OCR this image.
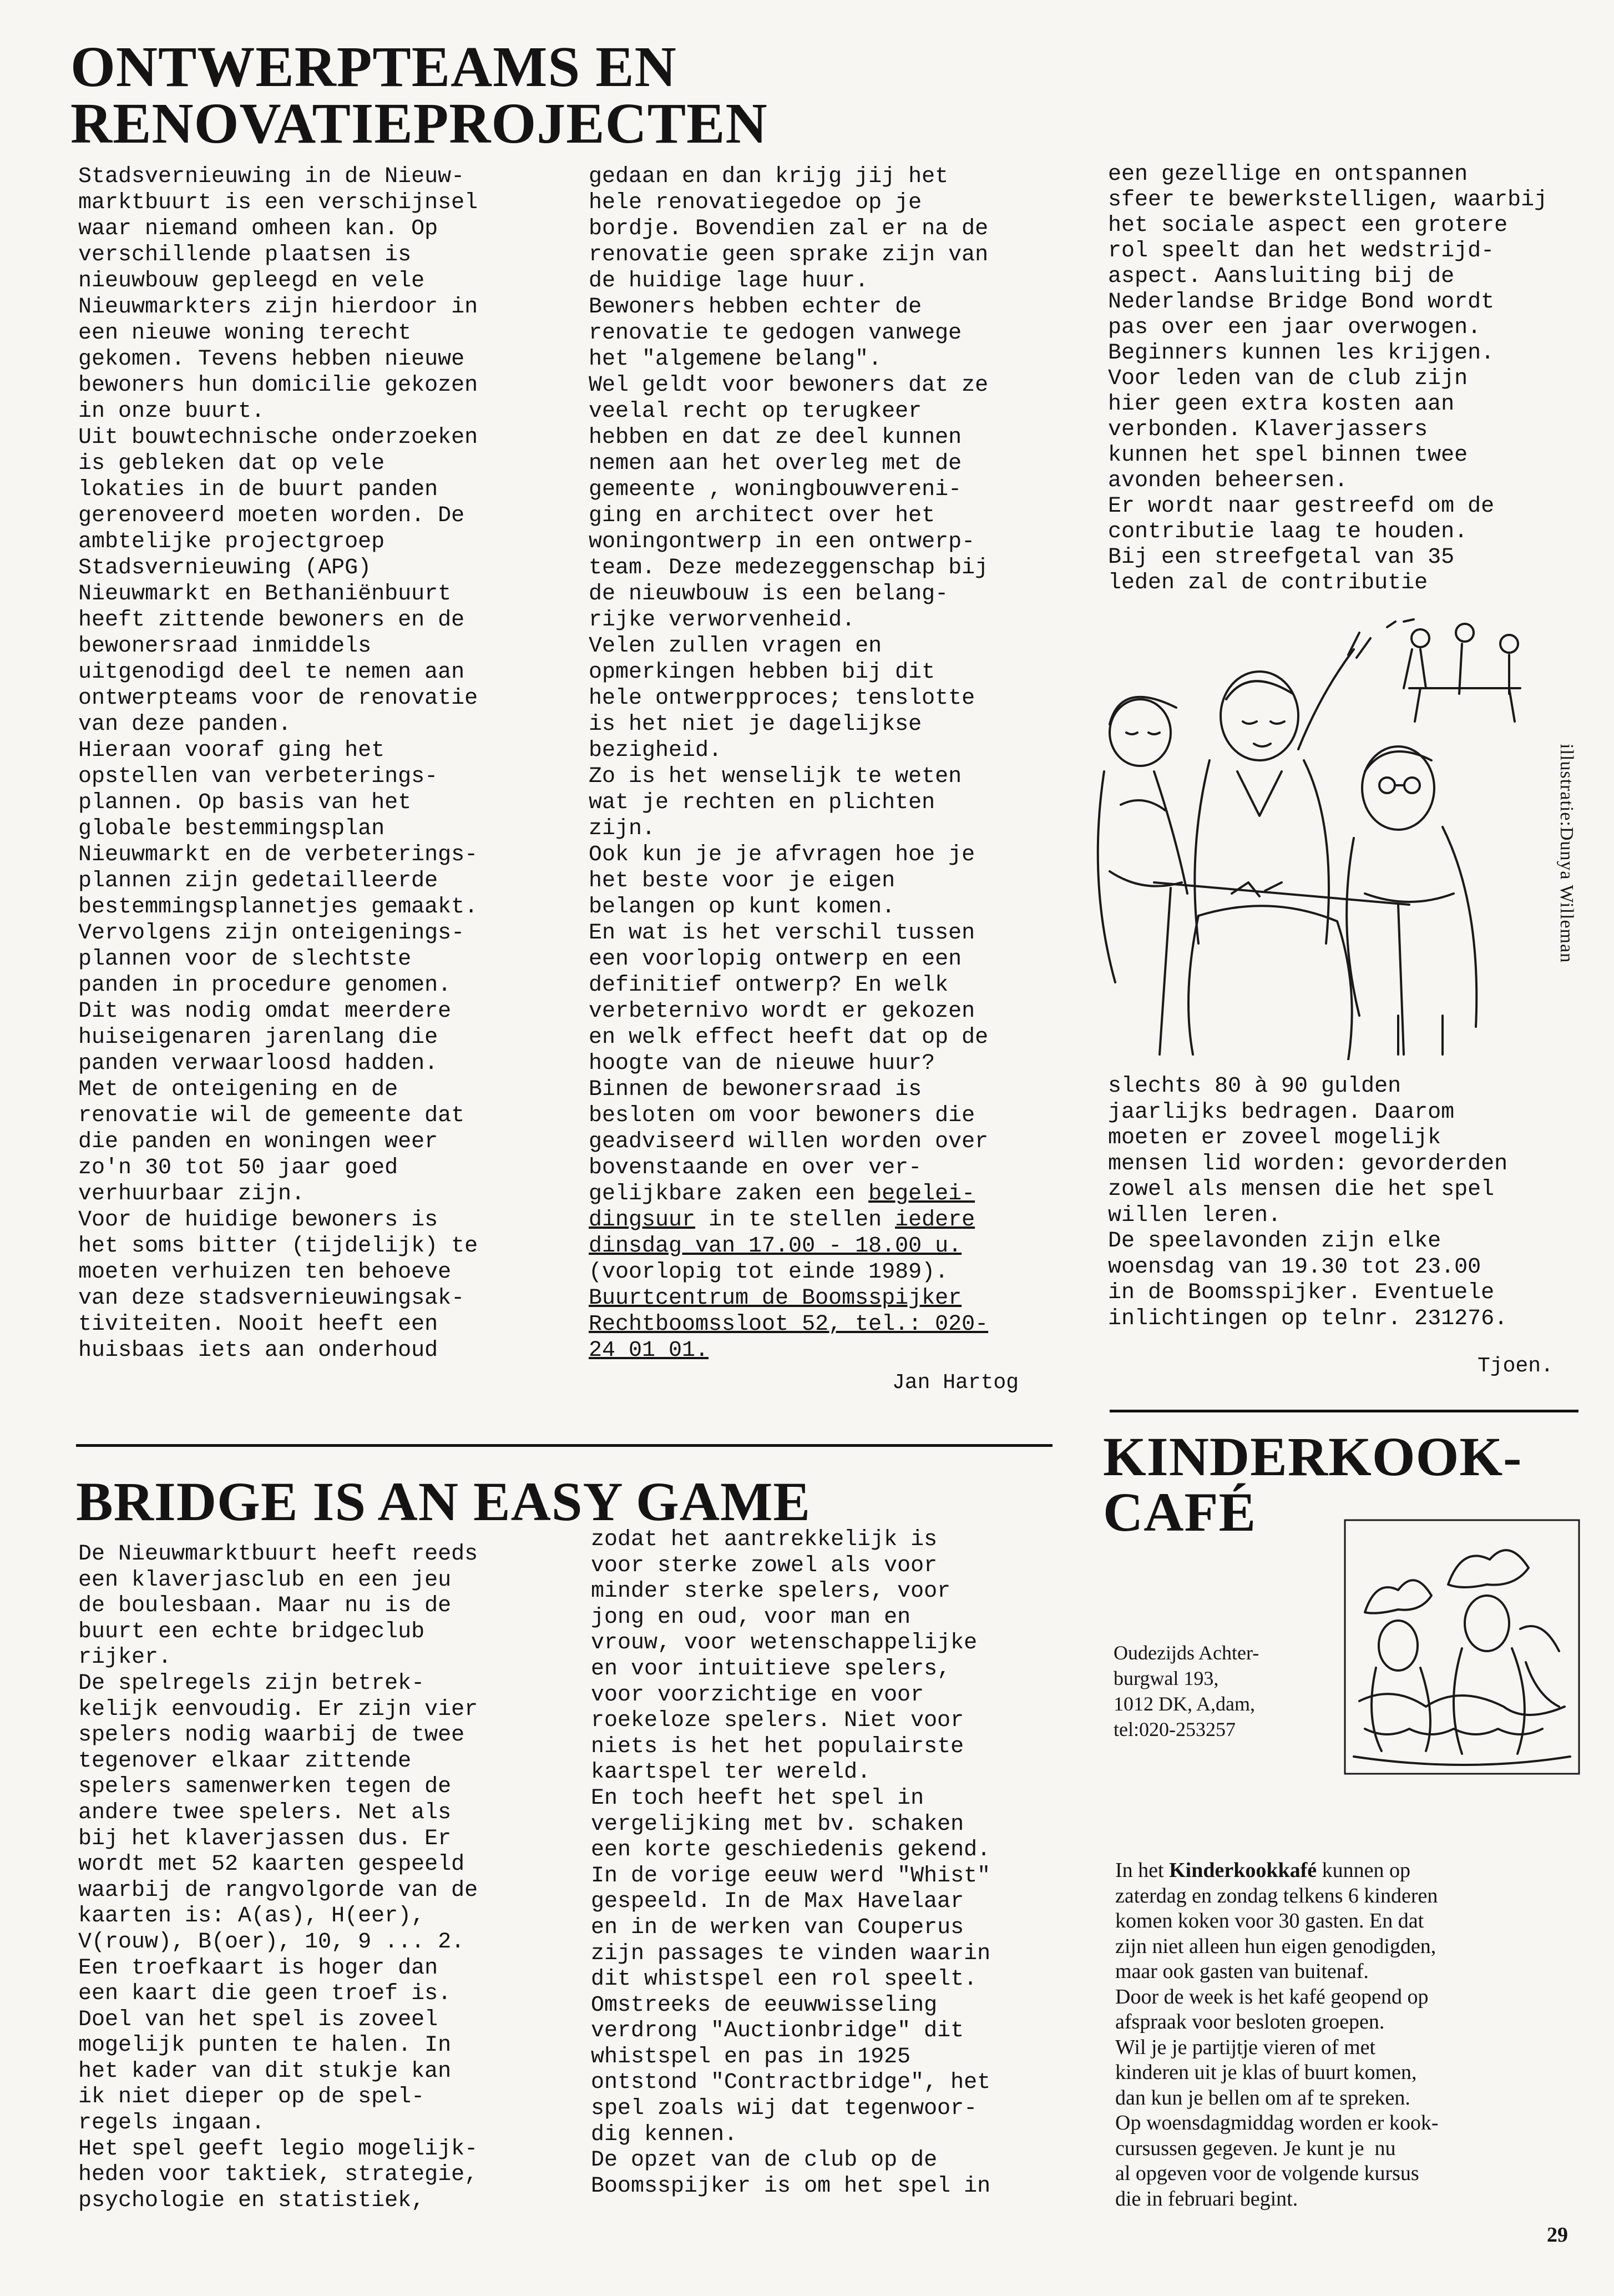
ONTWERPTEAMS EN
RENOVATIEPROJECTEN

Stadsvernieuwing in de Nieuw-
marktbuurt is een verschijnsel
waar niemand omheen kan. Op
verschillende plaatsen is
nieuwbouw gepleegd en vele
Nieuwmarkters zijn hierdoor in
een nieuwe woning terecht
gekomen. Tevens hebben nieuwe
bewoners hun domicilie gekozen
in onze buurt.
Uit bouwtechnische onderzoeken
is gebleken dat op vele
lokaties in de buurt panden
gerenoveerd moeten worden. De
ambtelijke projectgroep
Stadsvernieuwing (APG)
Nieuwmarkt en Bethaniënbuurt
heeft zittende bewoners en de
bewonersraad inmiddels
uitgenodigd deel te nemen aan
ontwerpteams voor de renovatie
van deze panden.
Hieraan vooraf ging het
opstellen van verbeterings-
plannen. Op basis van het
globale bestemmingsplan
Nieuwmarkt en de verbeterings-
plannen zijn gedetailleerde
bestemmingsplannetjes gemaakt.
Vervolgens zijn onteigenings-
plannen voor de slechtste
panden in procedure genomen.
Dit was nodig omdat meerdere
huiseigenaren jarenlang die
panden verwaarloosd hadden.
Met de onteigening en de
renovatie wil de gemeente dat
die panden en woningen weer
zo'n 30 tot 50 jaar goed
verhuurbaar zijn.
Voor de huidige bewoners is
het soms bitter (tijdelijk) te
moeten verhuizen ten behoeve
van deze stadsvernieuwingsak-
tiviteiten. Nooit heeft een
huisbaas iets aan onderhoud

gedaan en dan krijg jij het
hele renovatiegedoe op je
bordje. Bovendien zal er na de
renovatie geen sprake zijn van
de huidige lage huur.
Bewoners hebben echter de
renovatie te gedogen vanwege
het "algemene belang".
Wel geldt voor bewoners dat ze
veelal recht op terugkeer
hebben en dat ze deel kunnen
nemen aan het overleg met de
gemeente , woningbouwvereni-
ging en architect over het
woningontwerp in een ontwerp-
team. Deze medezeggenschap bij
de nieuwbouw is een belang-
rijke verworvenheid.
Velen zullen vragen en
opmerkingen hebben bij dit
hele ontwerpproces; tenslotte
is het niet je dagelijkse
bezigheid.
Zo is het wenselijk te weten
wat je rechten en plichten
zijn.
Ook kun je je afvragen hoe je
het beste voor je eigen
belangen op kunt komen.
En wat is het verschil tussen
een voorlopig ontwerp en een
definitief ontwerp? En welk
verbeternivo wordt er gekozen
en welk effect heeft dat op de
hoogte van de nieuwe huur?
Binnen de bewonersraad is
besloten om voor bewoners die
geadviseerd willen worden over
bovenstaande en over ver-
gelijkbare zaken een begelei-
dingsuur in te stellen iedere
dinsdag van 17.00 - 18.00 u.
(voorlopig tot einde 1989).
Buurtcentrum de Boomsspijker
Rechtboomssloot 52, tel.: 020-
24 01 01.

Jan Hartog

een gezellige en ontspannen
sfeer te bewerkstelligen, waarbij
het sociale aspect een grotere
rol speelt dan het wedstrijd-
aspect. Aansluiting bij de
Nederlandse Bridge Bond wordt
pas over een jaar overwogen.
Beginners kunnen les krijgen.
Voor leden van de club zijn
hier geen extra kosten aan
verbonden. Klaverjassers
kunnen het spel binnen twee
avonden beheersen.
Er wordt naar gestreefd om de
contributie laag te houden.
Bij een streefgetal van 35
leden zal de contributie

illustratie:Dunya Willeman

slechts 80 à 90 gulden
jaarlijks bedragen. Daarom
moeten er zoveel mogelijk
mensen lid worden: gevorderden
zowel als mensen die het spel
willen leren.
De speelavonden zijn elke
woensdag van 19.30 tot 23.00
in de Boomsspijker. Eventuele
inlichtingen op telnr. 231276.

Tjoen.
BRIDGE IS AN EASY GAME

De Nieuwmarktbuurt heeft reeds
een klaverjasclub en een jeu
de boulesbaan. Maar nu is de
buurt een echte bridgeclub
rijker.
De spelregels zijn betrek-
kelijk eenvoudig. Er zijn vier
spelers nodig waarbij de twee
tegenover elkaar zittende
spelers samenwerken tegen de
andere twee spelers. Net als
bij het klaverjassen dus. Er
wordt met 52 kaarten gespeeld
waarbij de rangvolgorde van de
kaarten is: A(as), H(eer),
V(rouw), B(oer), 10, 9 ... 2.
Een troefkaart is hoger dan
een kaart die geen troef is.
Doel van het spel is zoveel
mogelijk punten te halen. In
het kader van dit stukje kan
ik niet dieper op de spel-
regels ingaan.
Het spel geeft legio mogelijk-
heden voor taktiek, strategie,
psychologie en statistiek,

zodat het aantrekkelijk is
voor sterke zowel als voor
minder sterke spelers, voor
jong en oud, voor man en
vrouw, voor wetenschappelijke
en voor intuitieve spelers,
voor voorzichtige en voor
roekeloze spelers. Niet voor
niets is het het populairste
kaartspel ter wereld.
En toch heeft het spel in
vergelijking met bv. schaken
een korte geschiedenis gekend.
In de vorige eeuw werd "Whist"
gespeeld. In de Max Havelaar
en in de werken van Couperus
zijn passages te vinden waarin
dit whistspel een rol speelt.
Omstreeks de eeuwwisseling
verdrong "Auctionbridge" dit
whistspel en pas in 1925
ontstond "Contractbridge", het
spel zoals wij dat tegenwoor-
dig kennen.
De opzet van de club op de
Boomsspijker is om het spel in

KINDERKOOK-
CAFÉ

Oudezijds Achter-
burgwal 193,
1012 DK, A,dam,
tel:020-253257

In het Kinderkookkafé kunnen op
zaterdag en zondag telkens 6 kinderen
komen koken voor 30 gasten. En dat
zijn niet alleen hun eigen genodigden,
maar ook gasten van buitenaf.
Door de week is het kafé geopend op
afspraak voor besloten groepen.
Wil je je partijtje vieren of met
kinderen uit je klas of buurt komen,
dan kun je bellen om af te spreken.
Op woensdagmiddag worden er kook-
cursussen gegeven. Je kunt je  nu
al opgeven voor de volgende kursus
die in februari begint.

29
